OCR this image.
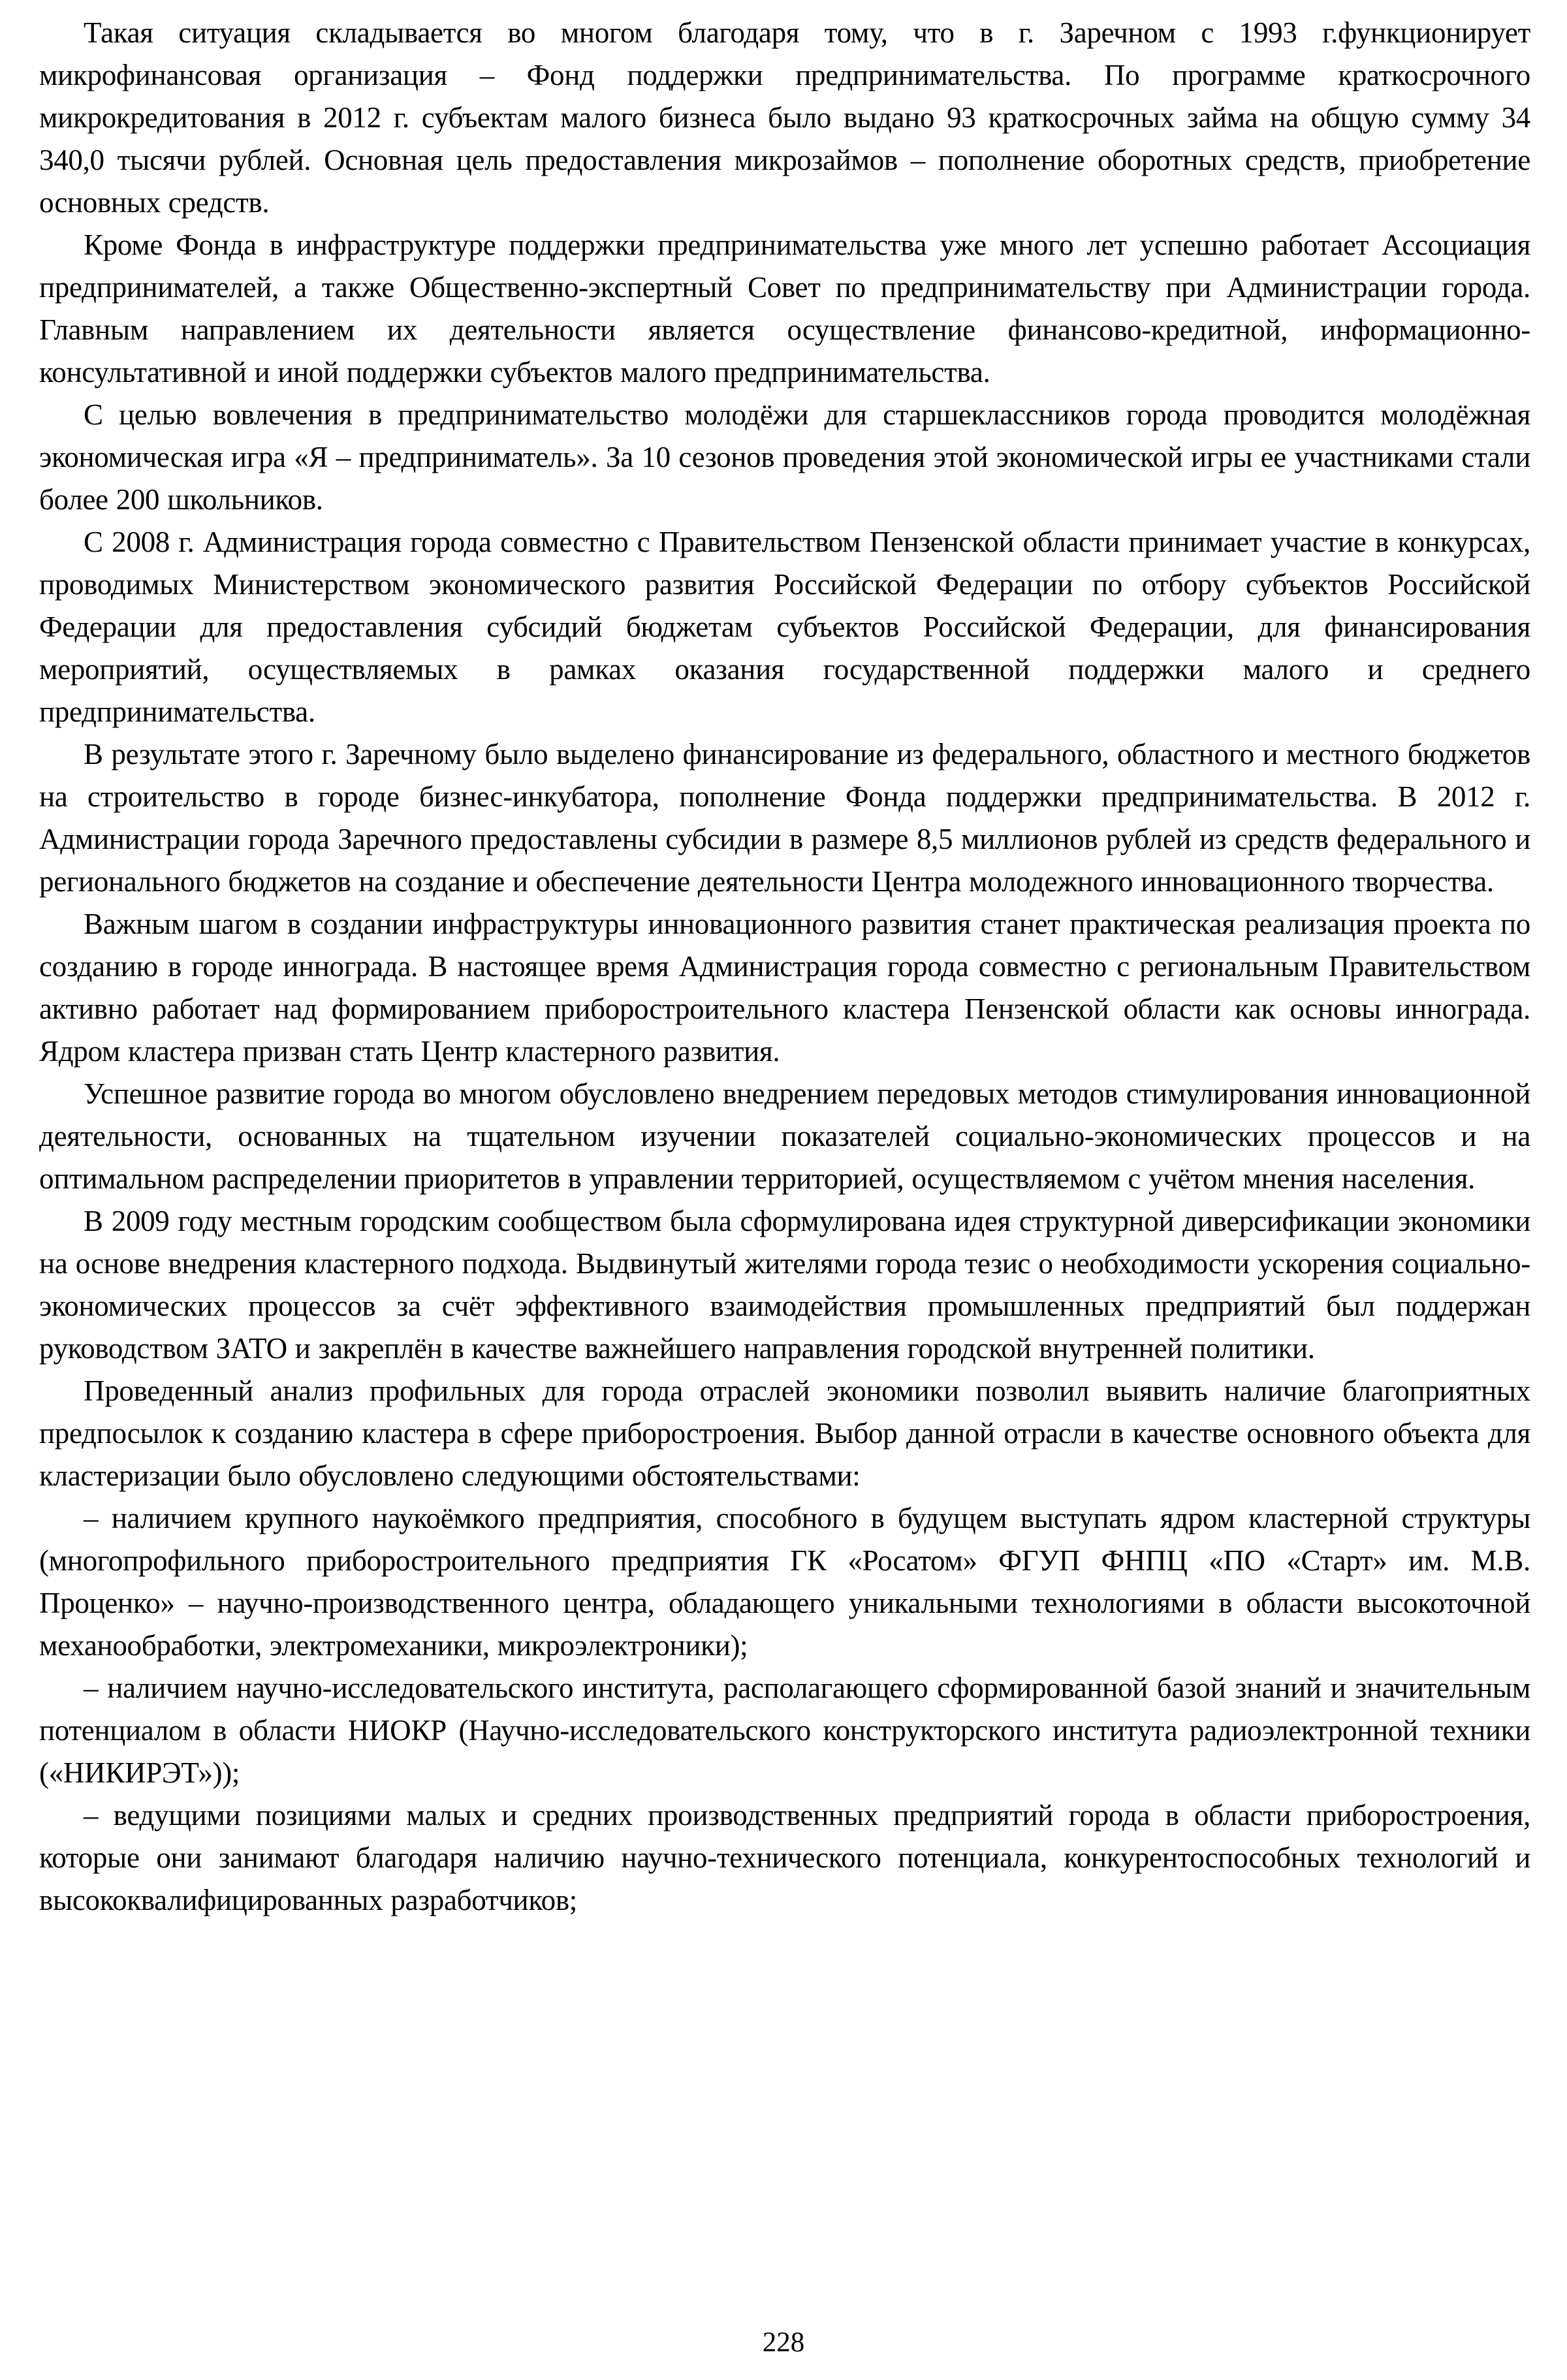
Такая ситуация складывается во многом благодаря тому, что в г. Заречном с 1993 г.функционирует микрофинансовая организация – Фонд поддержки предпринимательства. По программе краткосрочного микрокредитования в 2012 г. субъектам малого бизнеса было выдано 93 краткосрочных займа на общую сумму 34 340,0 тысячи рублей. Основная цель предоставления микрозаймов – пополнение оборотных средств, приобретение основных средств.

Кроме Фонда в инфраструктуре поддержки предпринимательства уже много лет успешно работает Ассоциация предпринимателей, а также Общественно-экспертный Совет по предпринимательству при Администрации города. Главным направлением их деятельности является осуществление финансово-кредитной, информационно-консультативной и иной поддержки субъектов малого предпринимательства.

С целью вовлечения в предпринимательство молодёжи для старшеклассников города проводится молодёжная экономическая игра «Я – предприниматель». За 10 сезонов проведения этой экономической игры ее участниками стали более 200 школьников.

С 2008 г. Администрация города совместно с Правительством Пензенской области принимает участие в конкурсах, проводимых Министерством экономического развития Российской Федерации по отбору субъектов Российской Федерации для предоставления субсидий бюджетам субъектов Российской Федерации, для финансирования мероприятий, осуществляемых в рамках оказания государственной поддержки малого и среднего предпринимательства.

В результате этого г. Заречному было выделено финансирование из федерального, областного и местного бюджетов на строительство в городе бизнес-инкубатора, пополнение Фонда поддержки предпринимательства. В 2012 г. Администрации города Заречного предоставлены субсидии в размере 8,5 миллионов рублей из средств федерального и регионального бюджетов на создание и обеспечение деятельности Центра молодежного инновационного творчества.

Важным шагом в создании инфраструктуры инновационного развития станет практическая реализация проекта по созданию в городе иннограда. В настоящее время Администрация города совместно с региональным Правительством активно работает над формированием приборостроительного кластера Пензенской области как основы иннограда. Ядром кластера призван стать Центр кластерного развития.

Успешное развитие города во многом обусловлено внедрением передовых методов стимулирования инновационной деятельности, основанных на тщательном изучении показателей социально-экономических процессов и на оптимальном распределении приоритетов в управлении территорией, осуществляемом с учётом мнения населения.

В 2009 году местным городским сообществом была сформулирована идея структурной диверсификации экономики на основе внедрения кластерного подхода. Выдвинутый жителями города тезис о необходимости ускорения социально-экономических процессов за счёт эффективного взаимодействия промышленных предприятий был поддержан руководством ЗАТО и закреплён в качестве важнейшего направления городской внутренней политики.

Проведенный анализ профильных для города отраслей экономики позволил выявить наличие благоприятных предпосылок к созданию кластера в сфере приборостроения. Выбор данной отрасли в качестве основного объекта для кластеризации было обусловлено следующими обстоятельствами:

– наличием крупного наукоёмкого предприятия, способного в будущем выступать ядром кластерной структуры (многопрофильного приборостроительного предприятия ГК «Росатом» ФГУП ФНПЦ «ПО «Старт» им. М.В. Проценко» – научно-производственного центра, обладающего уникальными технологиями в области высокоточной механообработки, электромеханики, микроэлектроники);

– наличием научно-исследовательского института, располагающего сформированной базой знаний и значительным потенциалом в области НИОКР (Научно-исследовательского конструкторского института радиоэлектронной техники («НИКИРЭТ»));

– ведущими позициями малых и средних производственных предприятий города в области приборостроения, которые они занимают благодаря наличию научно-технического потенциала, конкурентоспособных технологий и высококвалифицированных разработчиков;

228
